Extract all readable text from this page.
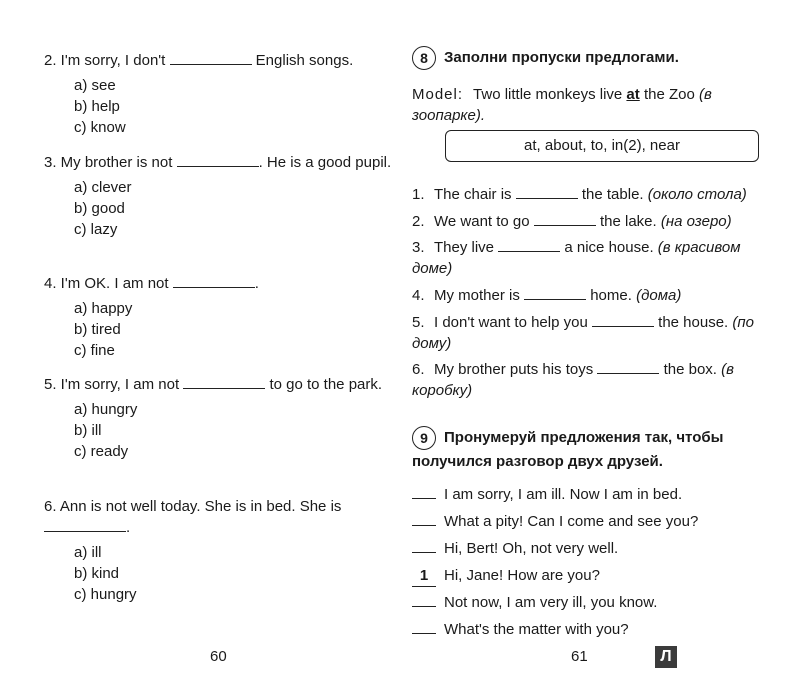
2. I'm sorry, I don't	English songs.
a) see
b) help
c) know
3. My brother is not	. He is a good pupil.
a) clever
b) good
c) lazy
4. I'm OK. I am not	.
a) happy
b) tired
c) fine
5. I'm sorry, I am not	to go to the park.
a) hungry
b) ill
c) ready
6. Ann is not well today. She is in bed. She is .
a) ill
b) kind
c) hungry
60
8 Заполни пропуски предлогами.
Model: Two little monkeys live at the Zoo (в зоопарке).
at, about, to, in(2), near
1. The chair is	the table. (около стола)
2. We want to go	the lake. (на озеро)
3. They live	a nice house. (в красивом доме)
4. My mother is	home. (дома)
5. I don't want to help you	the house. (по дому)
6. My brother puts his toys	the box. (в коробку)
9 Пронумеруй предложения так, чтобы получился разговор двух друзей.
I am sorry, I am ill. Now I am in bed.
What a pity! Can I come and see you?
Hi, Bert! Oh, not very well.
1 Hi, Jane! How are you?
Not now, I am very ill, you know.
What's the matter with you?
61	Л
